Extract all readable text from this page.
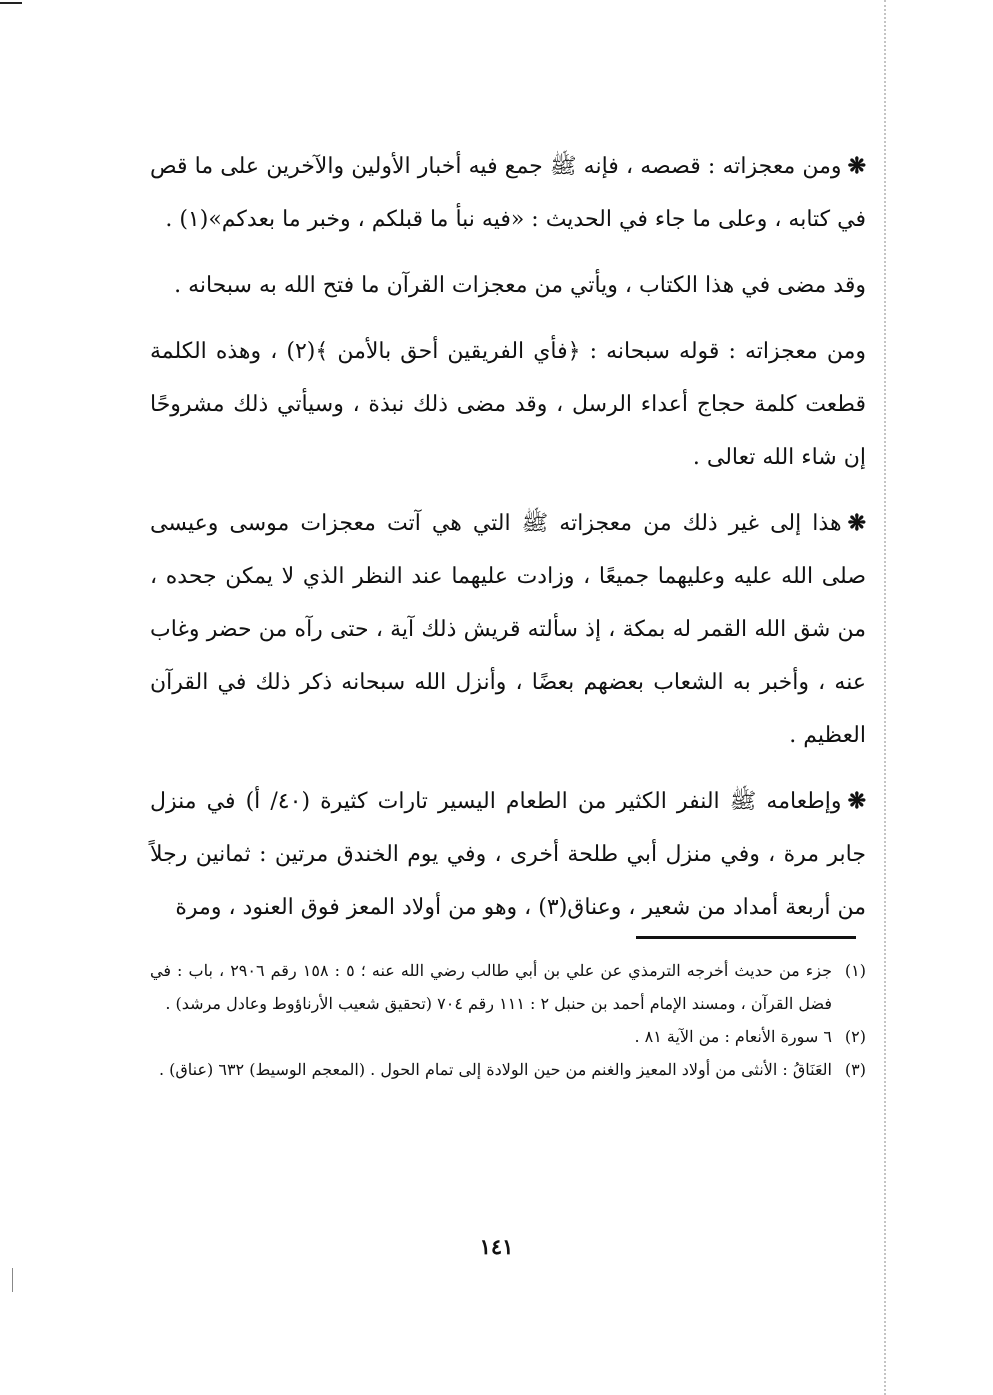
❋ومن معجزاته : قصصه ، فإنه ﷺ جمع فيه أخبار الأولين والآخرين على ما قص في كتابه ، وعلى ما جاء في الحديث : «فيه نبأ ما قبلكم ، وخبر ما بعدكم»(١) .

وقد مضى في هذا الكتاب ، ويأتي من معجزات القرآن ما فتح الله به سبحانه .

ومن معجزاته : قوله سبحانه : ﴿فأي الفريقين أحق بالأمن ﴾(٢) ، وهذه الكلمة قطعت كلمة حجاج أعداء الرسل ، وقد مضى ذلك نبذة ، وسيأتي ذلك مشروحًا إن شاء الله تعالى .

❋هذا إلى غير ذلك من معجزاته ﷺ التي هي آتت معجزات موسى وعيسى صلى الله عليه وعليهما جميعًا ، وزادت عليهما عند النظر الذي لا يمكن جحده ، من شق الله القمر له بمكة ، إذ سألته قريش ذلك آية ، حتى رآه من حضر وغاب عنه ، وأخبر به الشعاب بعضهم بعضًا ، وأنزل الله سبحانه ذكر ذلك في القرآن العظيم .

❋وإطعامه ﷺ النفر الكثير من الطعام اليسير تارات كثيرة (٤٠/ أ) في منزل جابر مرة ، وفي منزل أبي طلحة أخرى ، وفي يوم الخندق مرتين : ثمانين رجلاً من أربعة أمداد من شعير ، وعناق(٣) ، وهو من أولاد المعز فوق العنود ، ومرة

(١)
جزء من حديث أخرجه الترمذي عن علي بن أبي طالب رضي الله عنه ؛ ٥ : ١٥٨ رقم ٢٩٠٦ ، باب : في فضل القرآن ، ومسند الإمام أحمد بن حنبل ٢ : ١١١ رقم ٧٠٤ (تحقيق شعيب الأرناؤوط وعادل مرشد) .
(٢)
٦ سورة الأنعام : من الآية ٨١ .
(٣)
العَنَاقُ : الأنثى من أولاد المعيز والغنم من حين الولادة إلى تمام الحول . (المعجم الوسيط) ٦٣٢ (عناق) .
١٤١
